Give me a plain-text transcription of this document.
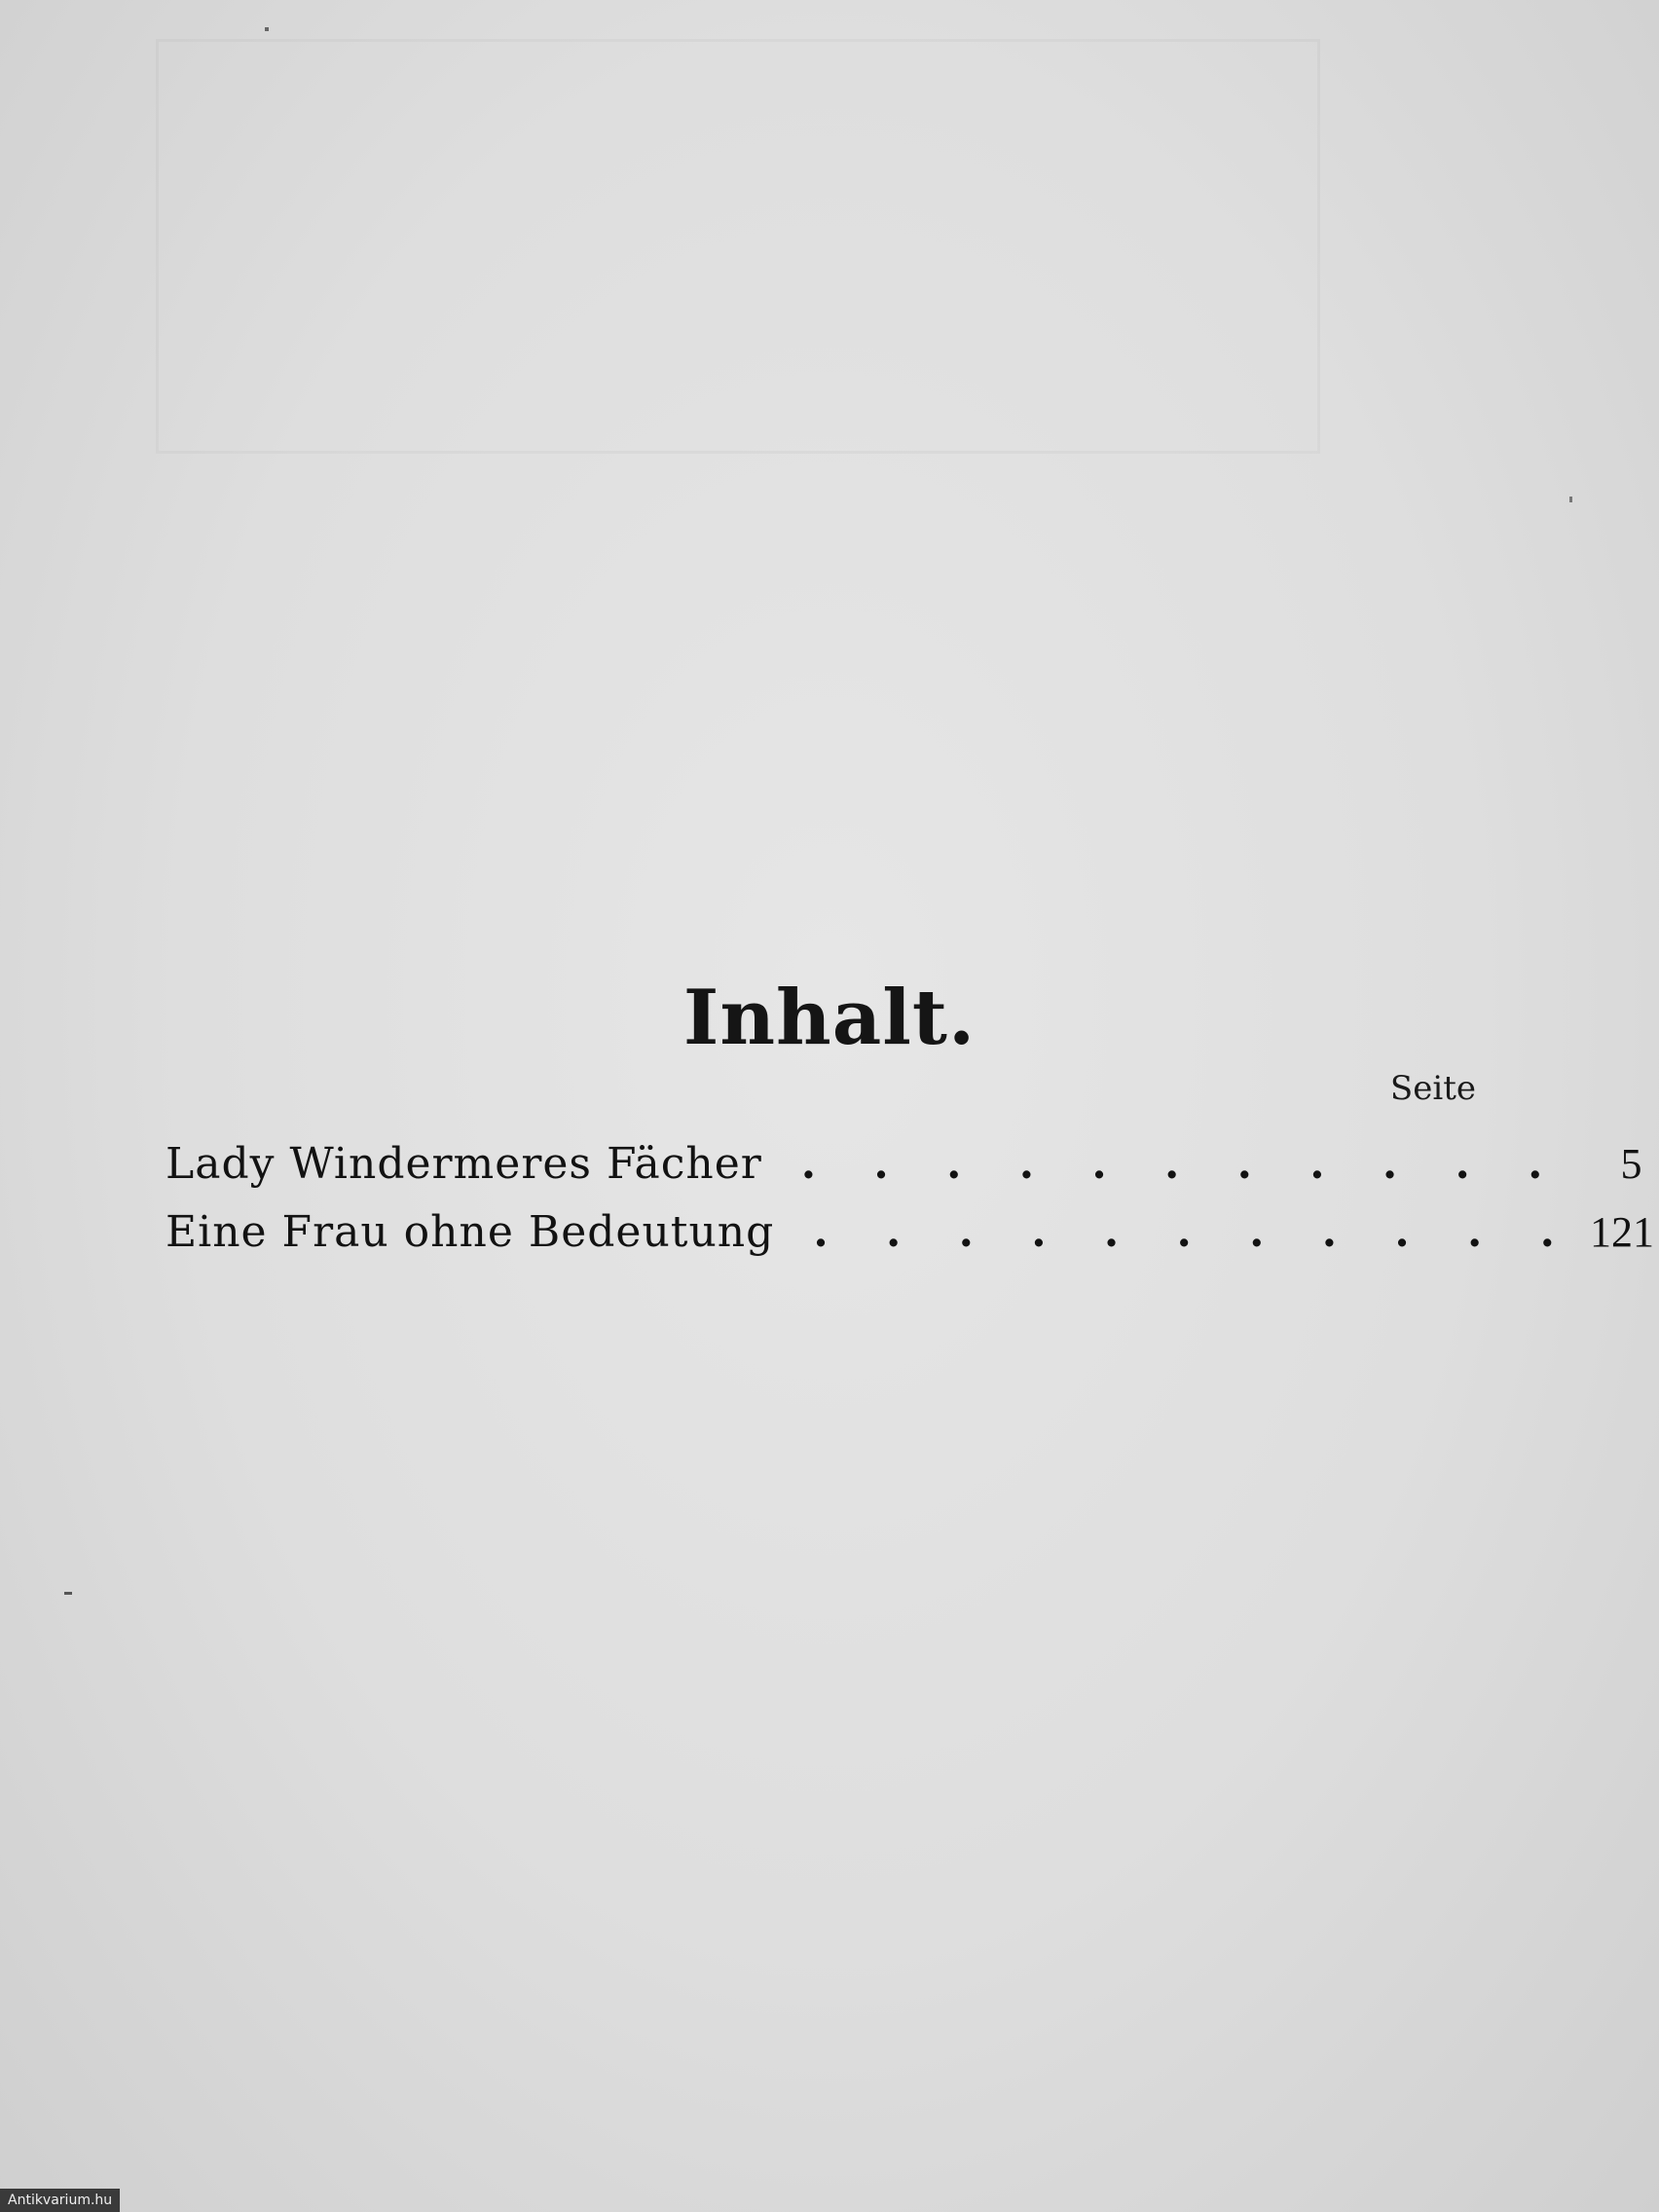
Inhalt.
Seite
Lady Windermeres Fächer . . . . . . . . . . .	5
Eine Frau ohne Bedeutung . . . . . . . . . . . 121
Antikvarium.hu
